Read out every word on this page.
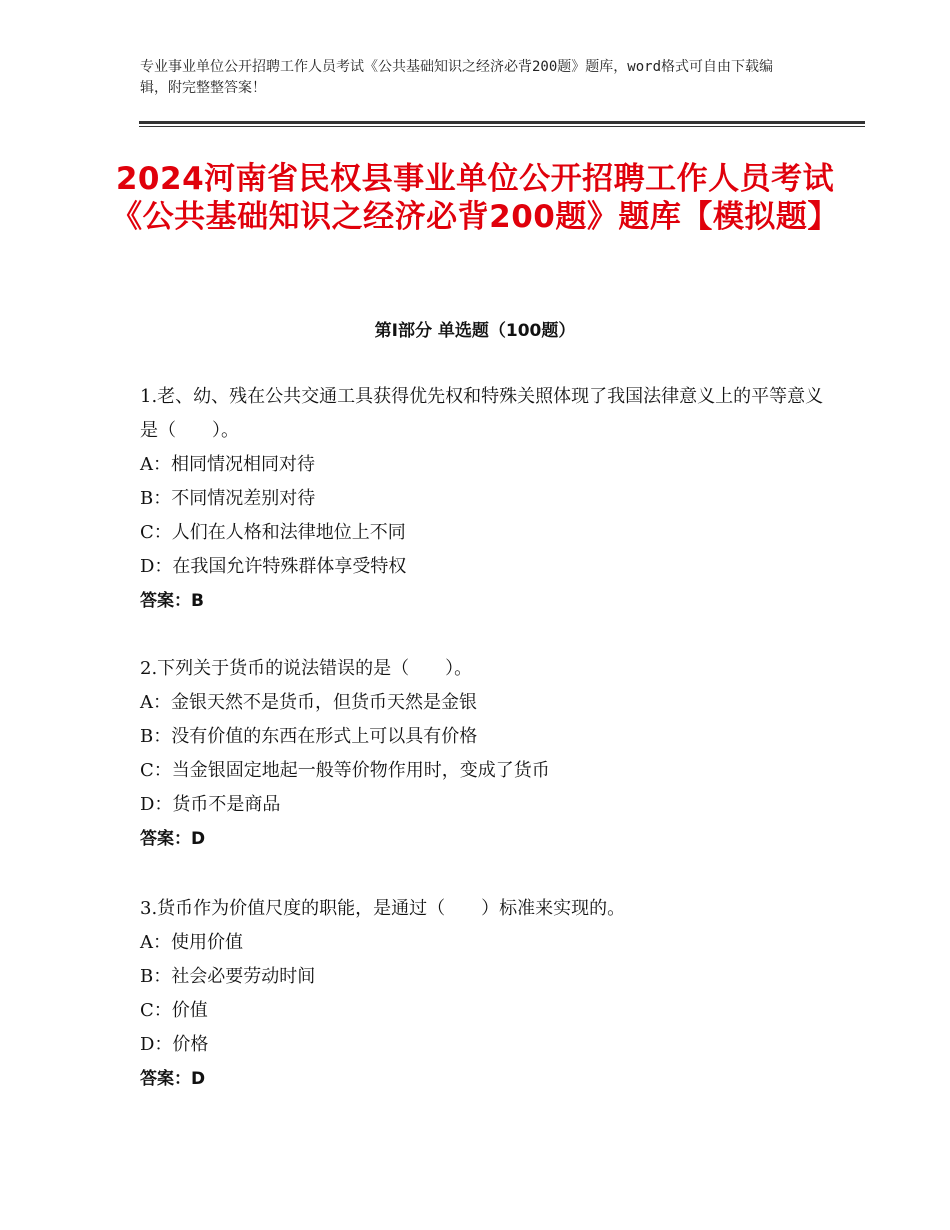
专业事业单位公开招聘工作人员考试《公共基础知识之经济必背200题》题库，word格式可自由下载编辑，附完整整答案！
2024河南省民权县事业单位公开招聘工作人员考试《公共基础知识之经济必背200题》题库【模拟题】
第Ⅰ部分 单选题（100题）

1.老、幼、残在公共交通工具获得优先权和特殊关照体现了我国法律意义上的平等意义是（　　）。

A：相同情况相同对待

B：不同情况差别对待

C：人们在人格和法律地位上不同

D：在我国允许特殊群体享受特权

答案：B

2.下列关于货币的说法错误的是（　　）。

A：金银天然不是货币，但货币天然是金银

B：没有价值的东西在形式上可以具有价格

C：当金银固定地起一般等价物作用时，变成了货币

D：货币不是商品

答案：D

3.货币作为价值尺度的职能，是通过（　　）标准来实现的。

A：使用价值

B：社会必要劳动时间

C：价值

D：价格

答案：D
